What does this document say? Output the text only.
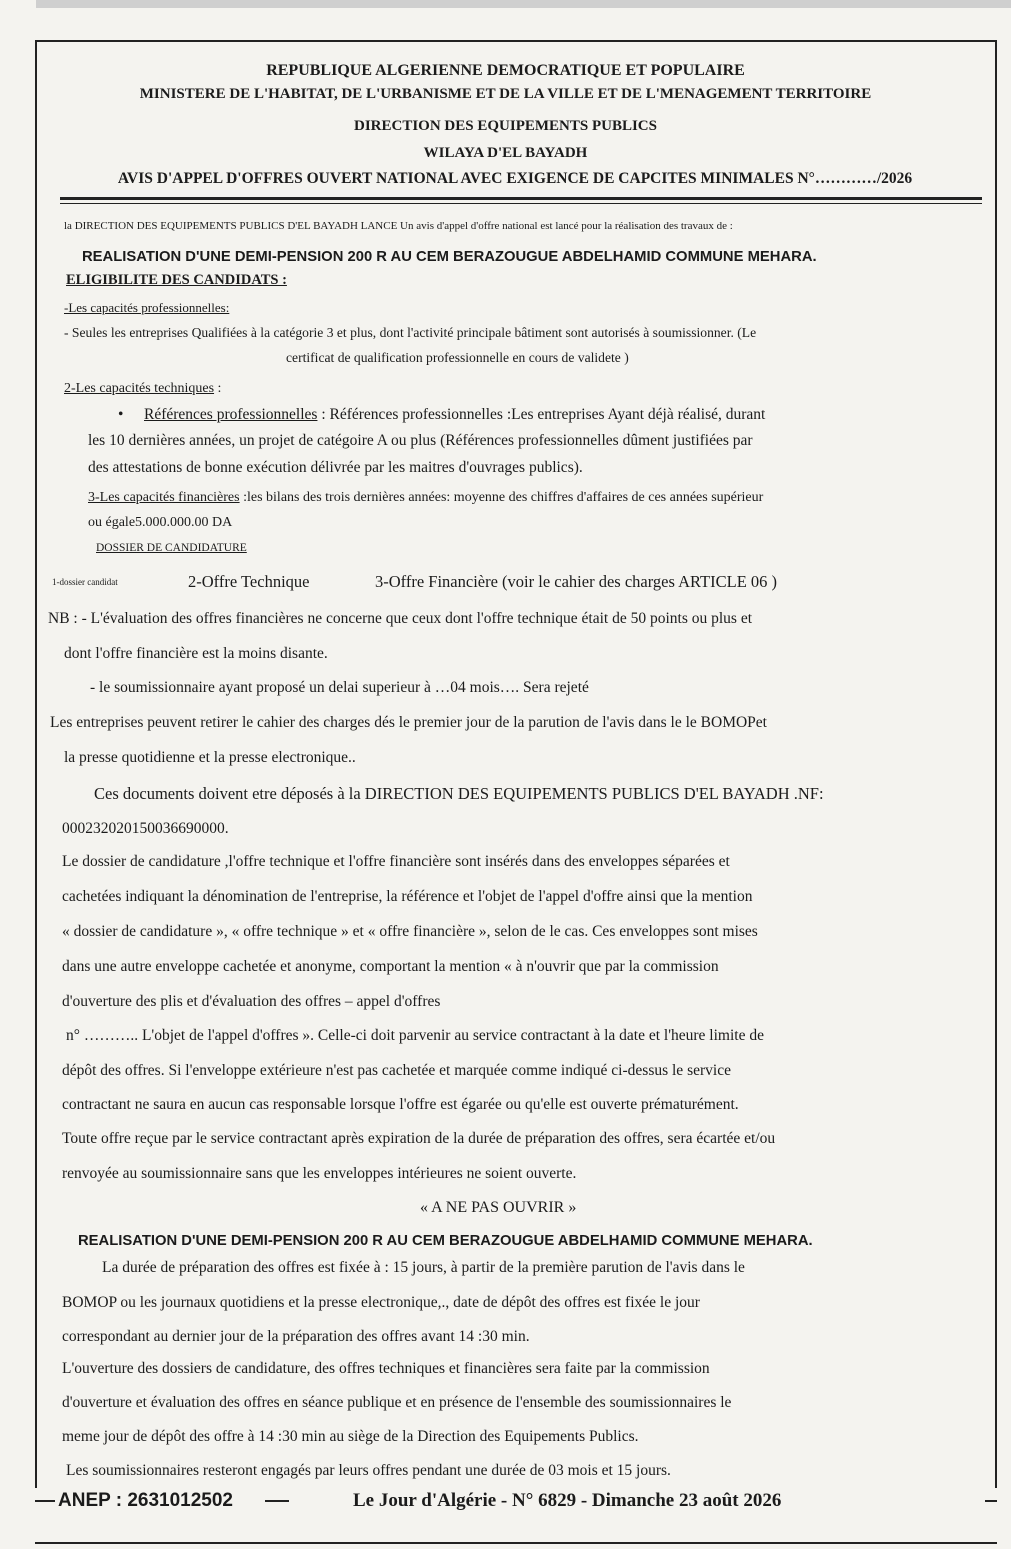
REPUBLIQUE ALGERIENNE DEMOCRATIQUE ET POPULAIRE
MINISTERE DE L'HABITAT, DE L'URBANISME ET DE LA VILLE ET DE L'MENAGEMENT TERRITOIRE
DIRECTION DES EQUIPEMENTS PUBLICS
WILAYA D'EL BAYADH
AVIS D'APPEL D'OFFRES OUVERT NATIONAL AVEC EXIGENCE DE CAPCITES MINIMALES N°…………/2026
la DIRECTION DES EQUIPEMENTS PUBLICS D'EL BAYADH LANCE Un avis d'appel d'offre national est lancé pour la réalisation des travaux de :
REALISATION D'UNE DEMI-PENSION 200 R AU CEM BERAZOUGUE ABDELHAMID COMMUNE MEHARA.
ELIGIBILITE DES CANDIDATS :
-Les capacités professionnelles:
- Seules les entreprises Qualifiées à la catégorie 3 et plus, dont l'activité principale bâtiment sont autorisés à soumissionner. (Le
certificat de qualification professionnelle en cours de validete )
2-Les capacités techniques :
• Références professionnelles : Références professionnelles :Les entreprises Ayant déjà réalisé, durant
les 10 dernières années, un projet de catégoire A ou plus (Références professionnelles dûment justifiées par
des attestations de bonne exécution délivrée par les maitres d'ouvrages publics).
3-Les capacités financières :les bilans des trois dernières années: moyenne des chiffres d'affaires de ces années supérieur
ou égale5.000.000.00 DA
DOSSIER DE CANDIDATURE
1-dossier candidat	2-Offre Technique	3-Offre Financière (voir le cahier des charges ARTICLE 06 )
NB : - L'évaluation des offres financières ne concerne que ceux dont l'offre technique était de 50 points ou plus et
dont l'offre financière est la moins disante.
- le soumissionnaire ayant proposé un delai superieur à …04 mois…. Sera rejeté
Les entreprises peuvent retirer le cahier des charges dés le premier jour de la parution de l'avis dans le le BOMOPet
la presse quotidienne et la presse electronique..
Ces documents doivent etre déposés à la DIRECTION DES EQUIPEMENTS PUBLICS D'EL BAYADH .NF:
000232020150036690000.
Le dossier de candidature ,l'offre technique et l'offre financière sont insérés dans des enveloppes séparées et
cachetées indiquant la dénomination de l'entreprise, la référence et l'objet de l'appel d'offre ainsi que la mention
« dossier de candidature », « offre technique » et « offre financière », selon de le cas. Ces enveloppes sont mises
dans une autre enveloppe cachetée et anonyme, comportant la mention « à n'ouvrir que par la commission
d'ouverture des plis et d'évaluation des offres – appel d'offres
n° ……….. L'objet de l'appel d'offres ». Celle-ci doit parvenir au service contractant à la date et l'heure limite de
dépôt des offres. Si l'enveloppe extérieure n'est pas cachetée et marquée comme indiqué ci-dessus le service
contractant ne saura en aucun cas responsable lorsque l'offre est égarée ou qu'elle est ouverte prématurément.
Toute offre reçue par le service contractant après expiration de la durée de préparation des offres, sera écartée et/ou
renvoyée au soumissionnaire sans que les enveloppes intérieures ne soient ouverte.
« A NE PAS OUVRIR »
REALISATION D'UNE DEMI-PENSION 200 R AU CEM BERAZOUGUE ABDELHAMID COMMUNE MEHARA.
La durée de préparation des offres est fixée à : 15 jours, à partir de la première parution de l'avis dans le
BOMOP ou les journaux quotidiens et la presse electronique,., date de dépôt des offres est fixée le jour
correspondant au dernier jour de la préparation des offres avant 14 :30 min.
L'ouverture des dossiers de candidature, des offres techniques et financières sera faite par la commission
d'ouverture et évaluation des offres en séance publique et en présence de l'ensemble des soumissionnaires le
meme jour de dépôt des offre à 14 :30 min au siège de la Direction des Equipements Publics.
Les soumissionnaires resteront engagés par leurs offres pendant une durée de 03 mois et 15 jours.
ANEP : 2631012502	Le Jour d'Algérie - N° 6829 - Dimanche 23 août 2026
